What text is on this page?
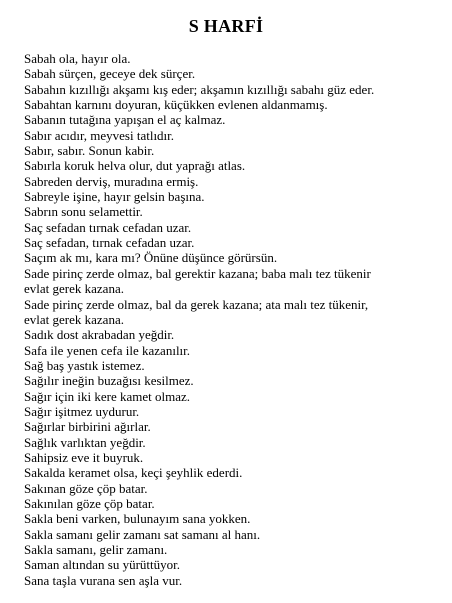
S HARFİ
Sabah ola, hayır ola.
Sabah sürçen, geceye dek sürçer.
Sabahın kızıllığı akşamı kış eder; akşamın kızıllığı sabahı güz eder.
Sabahtan karnını doyuran, küçükken evlenen aldanmamış.
Sabanın tutağına yapışan el aç kalmaz.
Sabır acıdır, meyvesi tatlıdır.
Sabır, sabır. Sonun kabir.
Sabırla koruk helva olur, dut yaprağı atlas.
Sabreden derviş, muradına ermiş.
Sabreyle işine, hayır gelsin başına.
Sabrın sonu selamettir.
Saç sefadan tırnak cefadan uzar.
Saç sefadan, tırnak cefadan uzar.
Saçım ak mı, kara mı? Önüne düşünce görürsün.
Sade pirinç zerde olmaz, bal gerektir kazana; baba malı tez tükenir
evlat gerek kazana.
Sade pirinç zerde olmaz, bal da gerek kazana; ata malı tez tükenir,
evlat gerek kazana.
Sadık dost akrabadan yeğdir.
Safa ile yenen cefa ile kazanılır.
Sağ baş yastık istemez.
Sağılır ineğin buzağısı kesilmez.
Sağır için iki kere kamet olmaz.
Sağır işitmez uydurur.
Sağırlar birbirini ağırlar.
Sağlık varlıktan yeğdir.
Sahipsiz eve it buyruk.
Sakalda keramet olsa, keçi şeyhlik ederdi.
Sakınan göze çöp batar.
Sakınılan göze çöp batar.
Sakla beni varken, bulunayım sana yokken.
Sakla samanı gelir zamanı sat samanı al hanı.
Sakla samanı, gelir zamanı.
Saman altından su yürüttüyor.
Sana taşla vurana sen aşla vur.
